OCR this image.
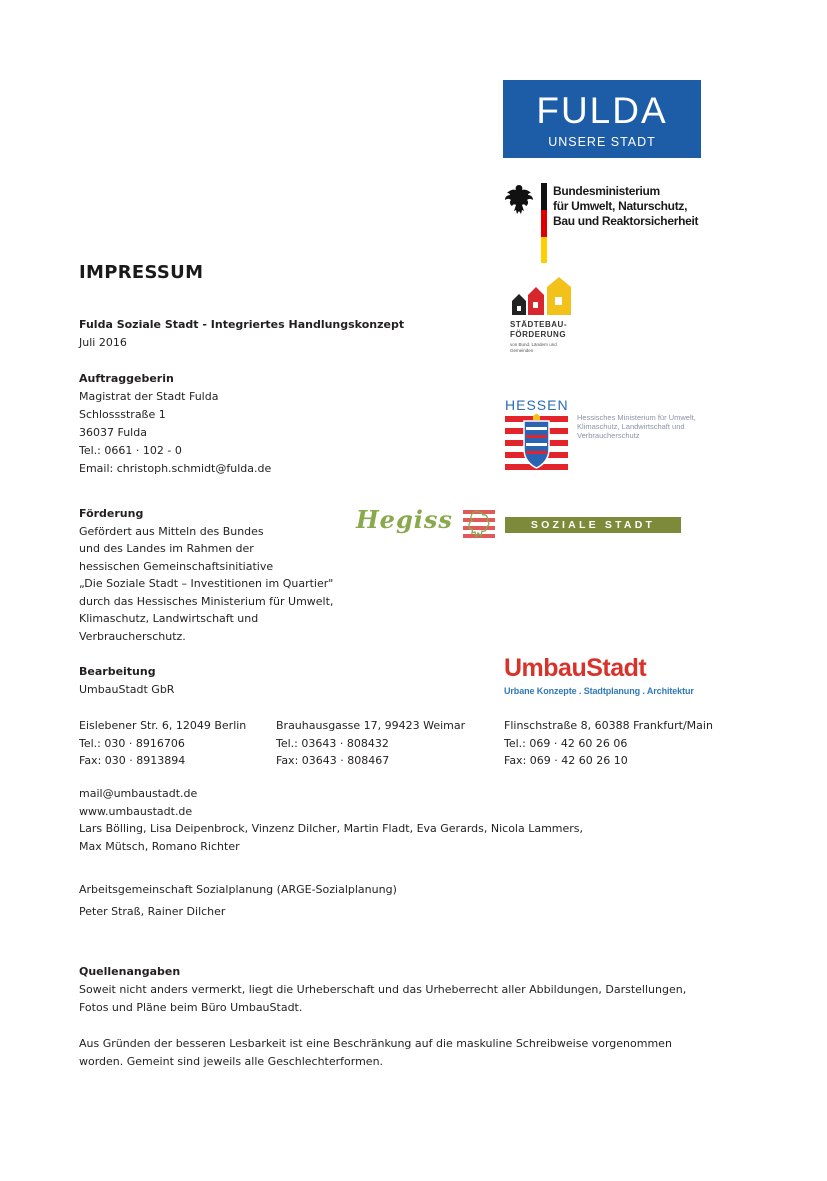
FULDA
UNSERE STADT
Bundesministerium
für Umwelt, Naturschutz,
Bau und Reaktorsicherheit
STÄDTEBAU-
FÖRDERUNG
von Bund, Ländern und Gemeinden
HESSEN
Hessisches Ministerium für Umwelt,
Klimaschutz, Landwirtschaft und
Verbraucherschutz
Hegiss	SOZIALE STADT
UmbauStadt
Urbane Konzepte . Stadtplanung . Architektur
IMPRESSUM
Fulda Soziale Stadt - Integriertes Handlungskonzept
Juli 2016
Auftraggeberin
Magistrat der Stadt Fulda
Schlossstraße 1
36037 Fulda
Tel.: 0661 · 102 - 0
Email: christoph.schmidt@fulda.de
Förderung
Gefördert aus Mitteln des Bundes
und des Landes im Rahmen der
hessischen Gemeinschaftsinitiative
„Die Soziale Stadt – Investitionen im Quartier"
durch das Hessisches Ministerium für Umwelt,
Klimaschutz, Landwirtschaft und
Verbraucherschutz.
Bearbeitung
UmbauStadt GbR
Eislebener Str. 6, 12049 Berlin
Tel.: 030 · 8916706
Fax: 030 · 8913894
Brauhausgasse 17, 99423 Weimar
Tel.: 03643 · 808432
Fax: 03643 · 808467
Flinschstraße 8, 60388 Frankfurt/Main
Tel.: 069 · 42 60 26 06
Fax: 069 · 42 60 26 10
mail@umbaustadt.de
www.umbaustadt.de
Lars Bölling, Lisa Deipenbrock, Vinzenz Dilcher, Martin Fladt, Eva Gerards, Nicola Lammers,
Max Mütsch, Romano Richter
Arbeitsgemeinschaft Sozialplanung (ARGE-Sozialplanung)
Peter Straß, Rainer Dilcher
Quellenangaben
Soweit nicht anders vermerkt, liegt die Urheberschaft und das Urheberrecht aller Abbildungen, Darstellungen,
Fotos und Pläne beim Büro UmbauStadt.
Aus Gründen der besseren Lesbarkeit ist eine Beschränkung auf die maskuline Schreibweise vorgenommen
worden. Gemeint sind jeweils alle Geschlechterformen.
